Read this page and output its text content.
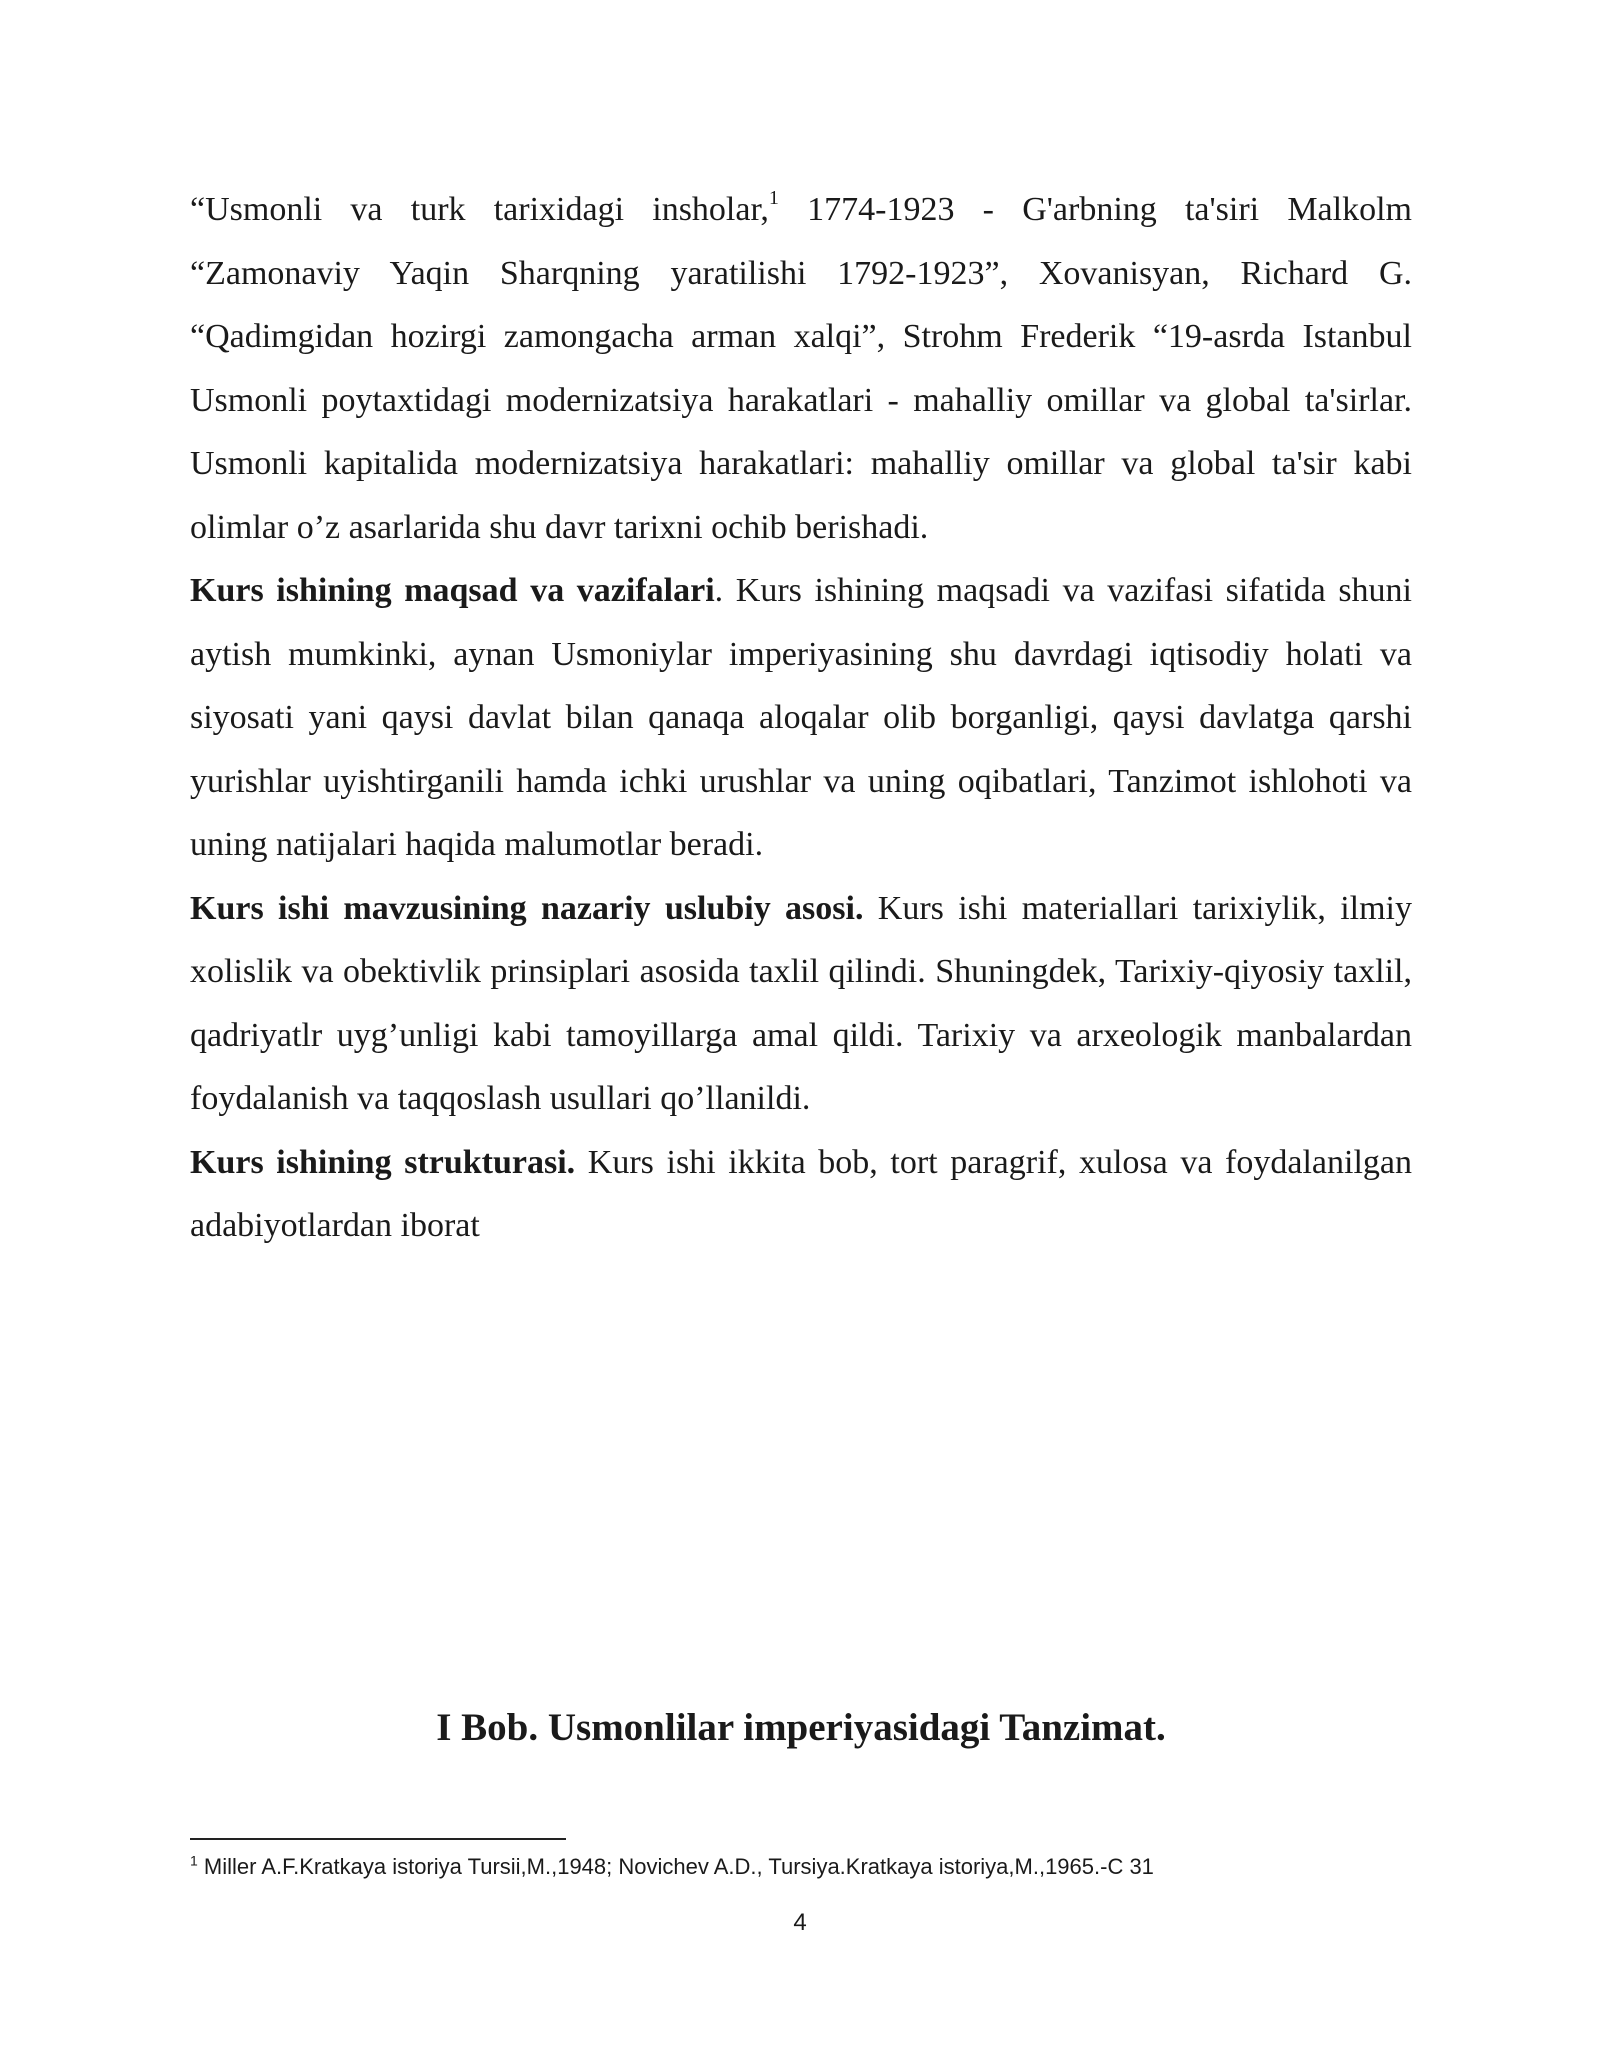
“Usmonli va turk tarixidagi insholar,$^1$ 1774-1923 - G'arbning ta'siri Malkolm “Zamonaviy Yaqin Sharqning yaratilishi 1792-1923”, Xovanisyan, Richard G. “Qadimgidan hozirgi zamongacha arman xalqi”, Strohm Frederik “19-asrda Istanbul Usmonli poytaxtidagi modernizatsiya harakatlari - mahalliy omillar va global ta'sirlar. Usmonli kapitalida modernizatsiya harakatlari: mahalliy omillar va global ta'sir kabi olimlar o’z asarlarida shu davr tarixni ochib berishadi.

Kurs ishining maqsad va vazifalari. Kurs ishining maqsadi va vazifasi sifatida shuni aytish mumkinki, aynan Usmoniylar imperiyasining shu davrdagi iqtisodiy holati va siyosati yani qaysi davlat bilan qanaqa aloqalar olib borganligi, qaysi davlatga qarshi yurishlar uyishtirganili hamda ichki urushlar va uning oqibatlari, Tanzimot ishlohoti va uning natijalari haqida malumotlar beradi.

Kurs ishi mavzusining nazariy uslubiy asosi. Kurs ishi materiallari tarixiylik, ilmiy xolislik va obektivlik prinsiplari asosida taxlil qilindi. Shuningdek, Tarixiy-qiyosiy taxlil, qadriyatlr uyg’unligi kabi tamoyillarga amal qildi. Tarixiy va arxeologik manbalardan foydalanish va taqqoslash usullari qo’llanildi.

Kurs ishining strukturasi. Kurs ishi ikkita bob, tort paragrif, xulosa va foydalanilgan adabiyotlardan iborat

I Bob. Usmonlilar imperiyasidagi Tanzimat.
$^1$ Miller A.F.Kratkaya istoriya Tursii,M.,1948; Novichev A.D., Tursiya.Kratkaya istoriya,M.,1965.-C 31
4
